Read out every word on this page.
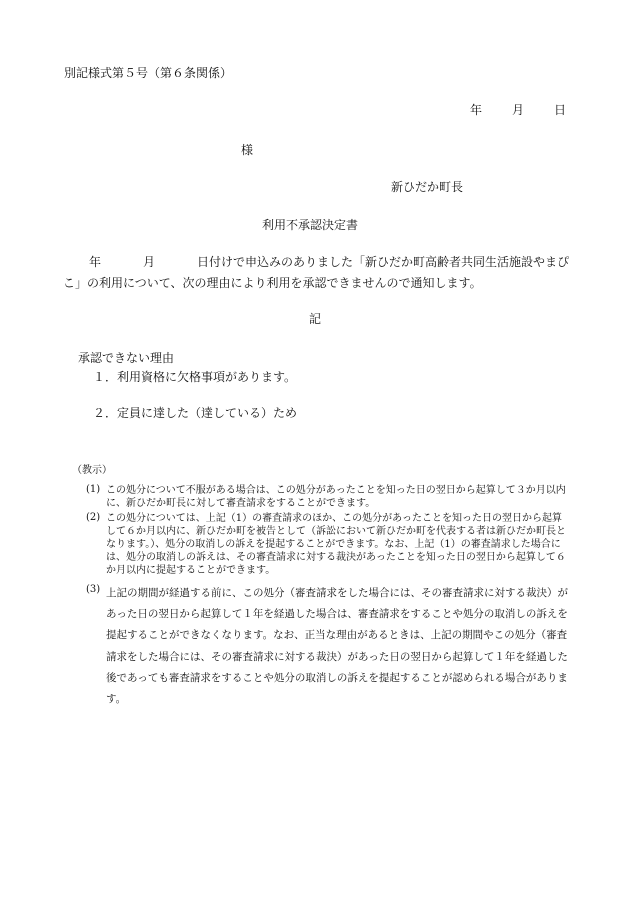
別記様式第５号（第６条関係）
年	月	日
様
新ひだか町長
利用不承認決定書
年	月	日付けで申込みのありました「新ひだか町高齢者共同生活施設やまぴこ」の利用について、次の理由により利用を承認できませんので通知します。
記
承認できない理由
１．利用資格に欠格事項があります。
２．定員に達した（達している）ため
（教示）
(1) この処分について不服がある場合は、この処分があったことを知った日の翌日から起算して３か月以内に、新ひだか町長に対して審査請求をすることができます。
(2) この処分については、上記（1）の審査請求のほか、この処分があったことを知った日の翌日から起算して６か月以内に、新ひだか町を被告として（訴訟において新ひだか町を代表する者は新ひだか町長となります。）、処分の取消しの訴えを提起することができます。なお、上記（1）の審査請求した場合には、処分の取消しの訴えは、その審査請求に対する裁決があったことを知った日の翌日から起算して６か月以内に提起することができます。
(3) 上記の期間が経過する前に、この処分（審査請求をした場合には、その審査請求に対する裁決）があった日の翌日から起算して１年を経過した場合は、審査請求をすることや処分の取消しの訴えを提起することができなくなります。なお、正当な理由があるときは、上記の期間やこの処分（審査請求をした場合には、その審査請求に対する裁決）があった日の翌日から起算して１年を経過した後であっても審査請求をすることや処分の取消しの訴えを提起することが認められる場合があります。
